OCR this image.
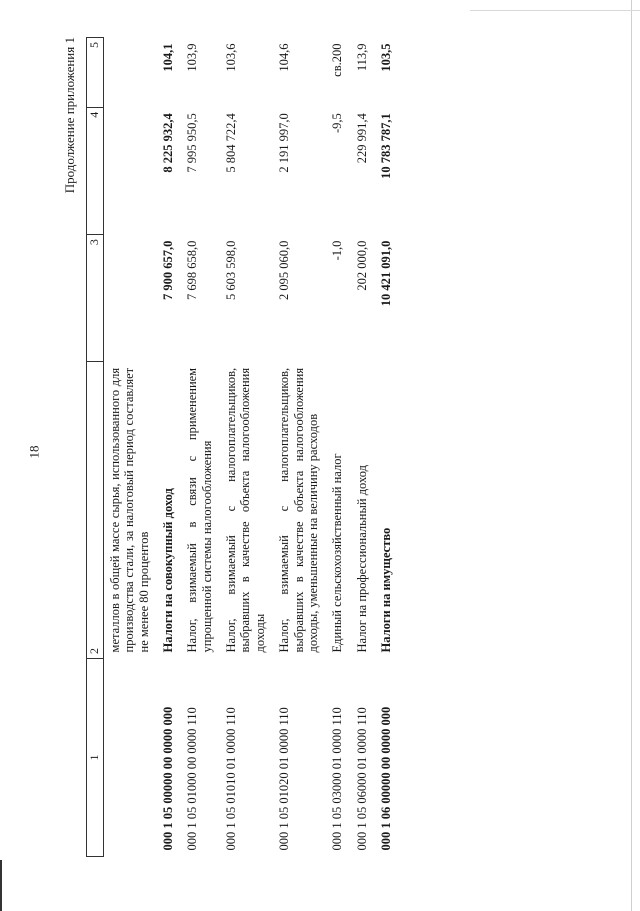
18
Продолжение приложения 1
1	2	3	4	5
	металлов в общей массе сырья, использованного для производства стали, за налоговый период составляет не менее 80 процентов			
000 1 05 00000 00 0000 000	Налоги на совокупный доход	7 900 657,0	8 225 932,4	104,1
000 1 05 01000 00 0000 110	Налог, взимаемый в связи с применением упрощенной системы налогообложения	7 698 658,0	7 995 950,5	103,9
000 1 05 01010 01 0000 110	Налог, взимаемый с налогоплательщиков, выбравших в качестве объекта налогообложения доходы	5 603 598,0	5 804 722,4	103,6
000 1 05 01020 01 0000 110	Налог, взимаемый с налогоплательщиков, выбравших в качестве объекта налогообложения доходы, уменьшенные на величину расходов	2 095 060,0	2 191 997,0	104,6
000 1 05 03000 01 0000 110	Единый сельскохозяйственный налог	-1,0	-9,5	св.200
000 1 05 06000 01 0000 110	Налог на профессиональный доход	202 000,0	229 991,4	113,9
000 1 06 00000 00 0000 000	Налоги на имущество	10 421 091,0	10 783 787,1	103,5
